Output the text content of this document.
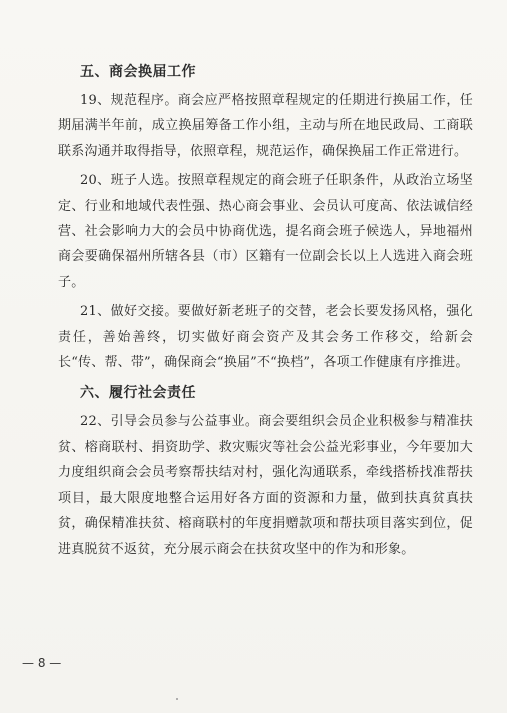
五、商会换届工作

19、规范程序。商会应严格按照章程规定的任期进行换届工作，任期届满半年前，成立换届筹备工作小组，主动与所在地民政局、工商联联系沟通并取得指导，依照章程，规范运作，确保换届工作正常进行。

20、班子人选。按照章程规定的商会班子任职条件，从政治立场坚定、行业和地域代表性强、热心商会事业、会员认可度高、依法诚信经营、社会影响力大的会员中协商优选，提名商会班子候选人，异地福州商会要确保福州所辖各县（市）区籍有一位副会长以上人选进入商会班子。

21、做好交接。要做好新老班子的交替，老会长要发扬风格，强化责任，善始善终，切实做好商会资产及其会务工作移交，给新会长“传、帮、带”，确保商会“换届”不“换档”，各项工作健康有序推进。

六、履行社会责任

22、引导会员参与公益事业。商会要组织会员企业积极参与精准扶贫、榕商联村、捐资助学、救灾赈灾等社会公益光彩事业，今年要加大力度组织商会会员考察帮扶结对村，强化沟通联系，牵线搭桥找准帮扶项目，最大限度地整合运用好各方面的资源和力量，做到扶真贫真扶贫，确保精准扶贫、榕商联村的年度捐赠款项和帮扶项目落实到位，促进真脱贫不返贫，充分展示商会在扶贫攻坚中的作为和形象。

— 8 —
